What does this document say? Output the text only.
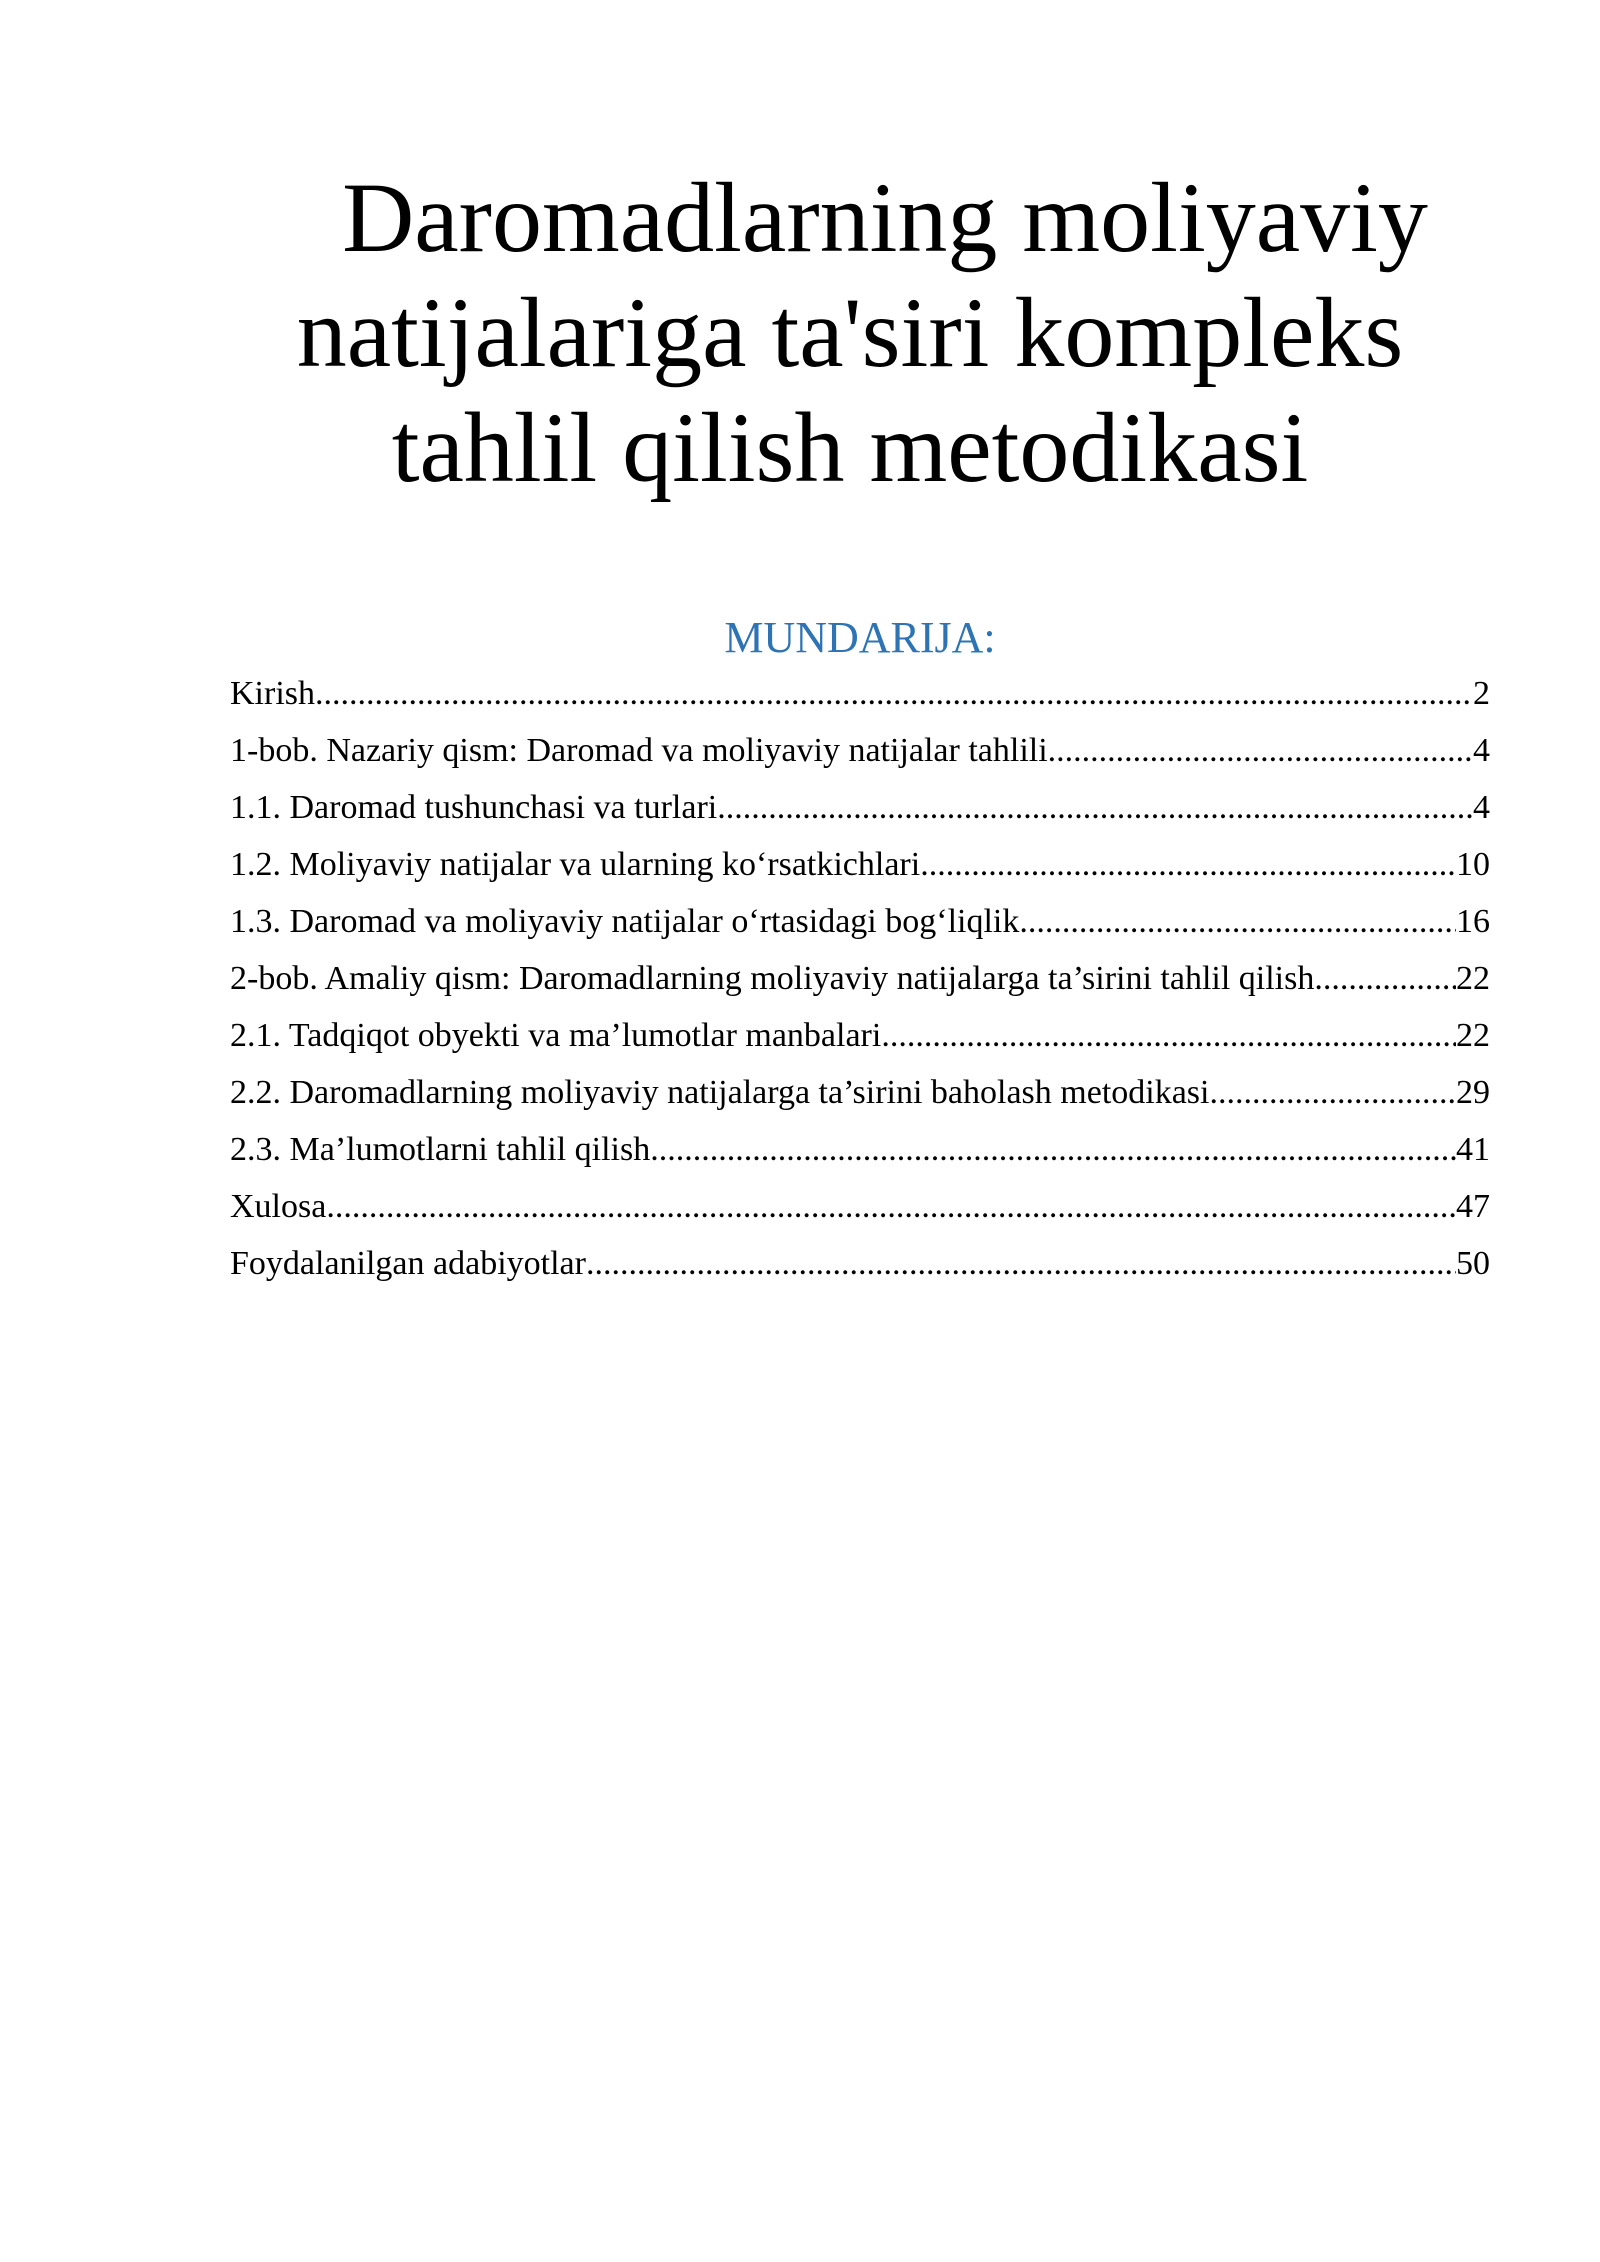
Daromadlarning moliyaviy
natijalariga ta'siri kompleks
tahlil qilish metodikasi
MUNDARIJA:
Kirish .....	2
1-bob. Nazariy qism: Daromad va moliyaviy natijalar tahlili .....	4
1.1. Daromad tushunchasi va turlari .....	4
1.2. Moliyaviy natijalar va ularning ko‘rsatkichlari .....	10
1.3. Daromad va moliyaviy natijalar o‘rtasidagi bog‘liqlik .....	16
2-bob. Amaliy qism: Daromadlarning moliyaviy natijalarga ta’sirini tahlil qilish. .....	22
2.1. Tadqiqot obyekti va ma’lumotlar manbalari .....	22
2.2. Daromadlarning moliyaviy natijalarga ta’sirini baholash metodikasi .....	29
2.3. Ma’lumotlarni tahlil qilish .....	41
Xulosa .....	47
Foydalanilgan adabiyotlar .....	50
